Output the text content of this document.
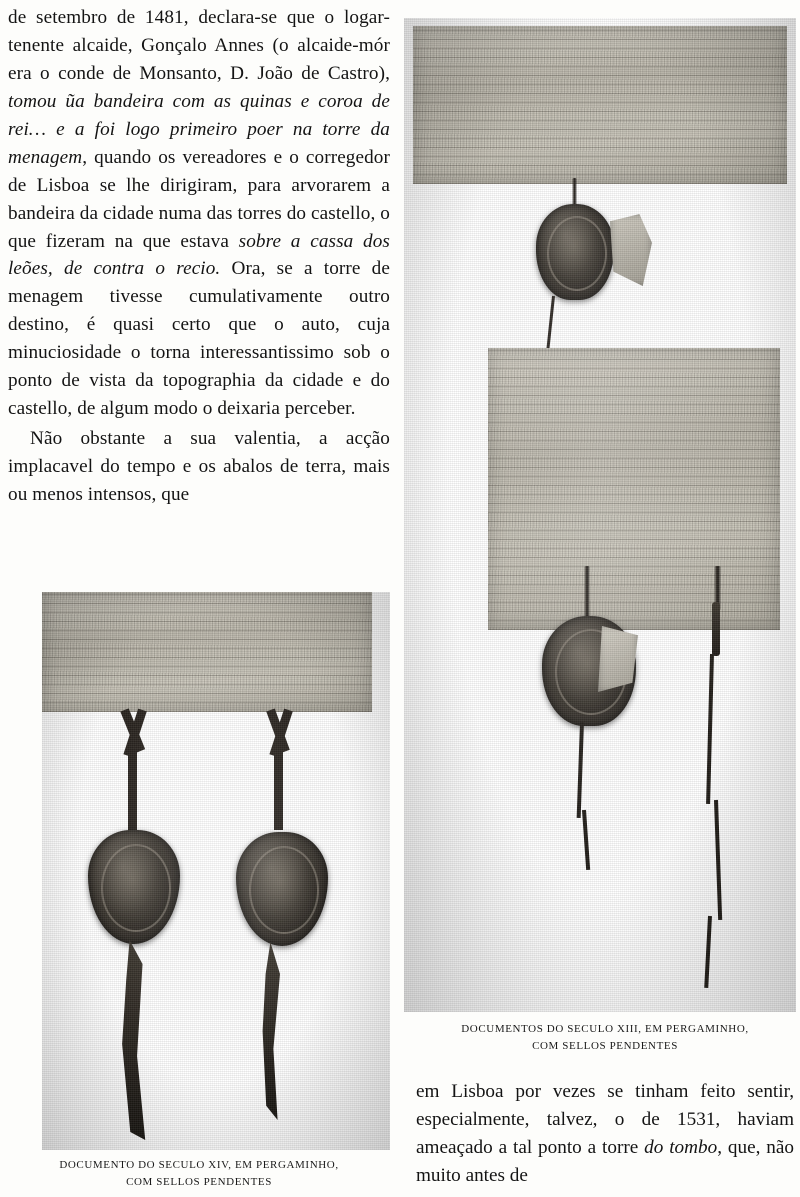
DOCUMENTOS DO SECULO XIII, EM PERGAMINHO,
COM SELLOS PENDENTES
DOCUMENTO DO SECULO XIV, EM PERGAMINHO,
COM SELLOS PENDENTES

de setembro de 1481, declara-se que o logar-tenente alcaide, Gonçalo Annes (o alcaide-mór era o conde de Monsanto, D. João de Castro), tomou ũa bandeira com as quinas e coroa de rei… e a foi logo primeiro poer na torre da menagem, quando os vereadores e o corregedor de Lisboa se lhe dirigiram, para arvorarem a bandeira da cidade numa das torres do castello, o que fizeram na que estava sobre a cassa dos leões, de contra o recio. Ora, se a torre de menagem tivesse cumulativamente outro destino, é quasi certo que o auto, cuja minuciosidade o torna interessantissimo sob o ponto de vista da topographia da cidade e do castello, de algum modo o deixaria perceber.

Não obstante a sua valentia, a acção implacavel do tempo e os abalos de terra, mais ou menos intensos, que

em Lisboa por vezes se tinham feito sentir, especialmente, talvez, o de 1531, haviam ameaçado a tal ponto a torre do tombo, que, não muito antes de
